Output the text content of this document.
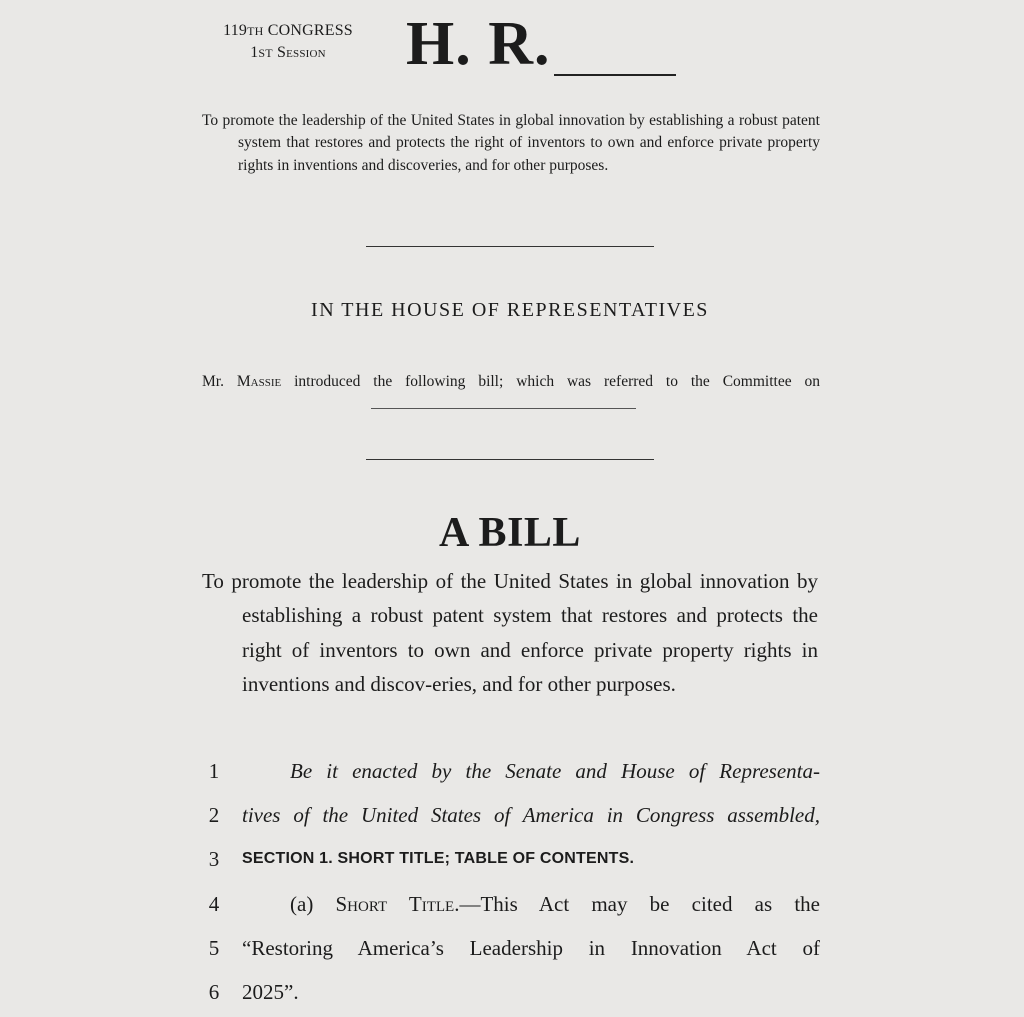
119TH CONGRESS
1ST Session	H. R.
To promote the leadership of the United States in global innovation by establishing a robust patent system that restores and protects the right of inventors to own and enforce private property rights in inventions and discoveries, and for other purposes.
IN THE HOUSE OF REPRESENTATIVES
Mr. Massie introduced the following bill; which was referred to the Committee on
A BILL
To promote the leadership of the United States in global innovation by establishing a robust patent system that restores and protects the right of inventors to own and enforce private property rights in inventions and discov-eries, and for other purposes.
1	Be it enacted by the Senate and House of Representa-
2	tives of the United States of America in Congress assembled,
3	SECTION 1. SHORT TITLE; TABLE OF CONTENTS.
4	(a) Short Title.—This Act may be cited as the
5	“Restoring America’s Leadership in Innovation Act of
6	2025”.
